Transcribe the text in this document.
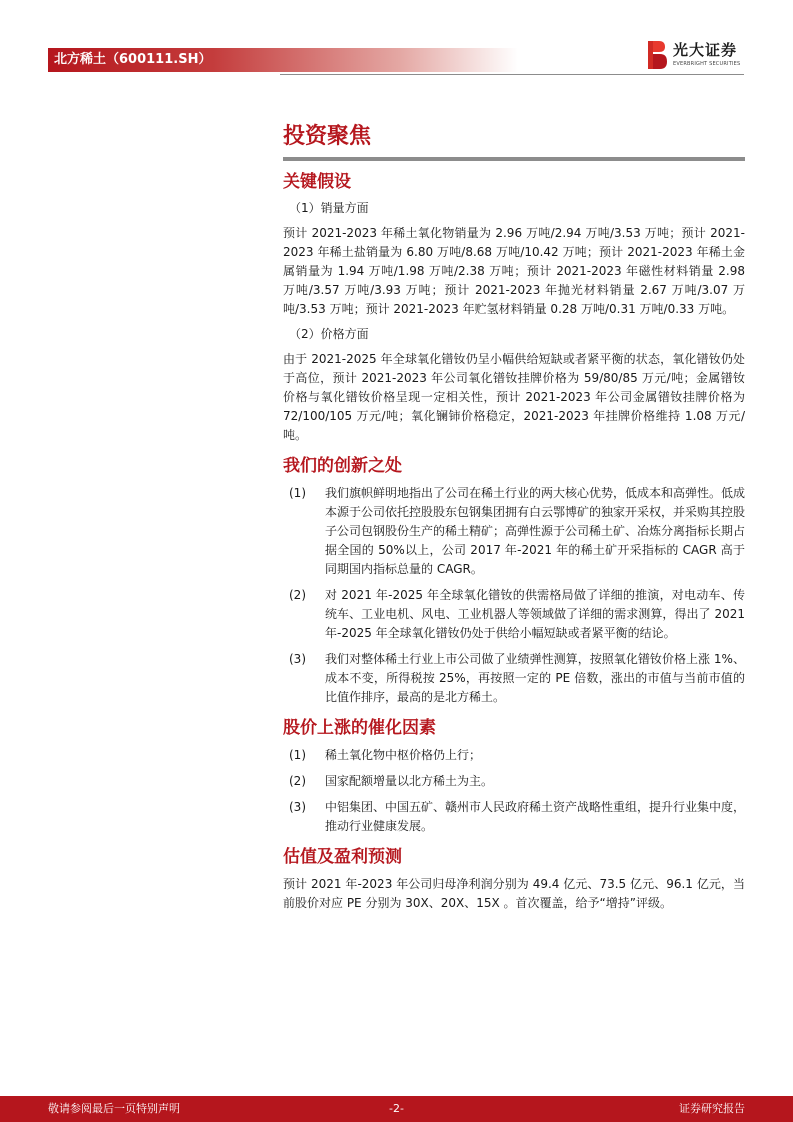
北方稀土（600111.SH）
光大证券
EVERBRIGHT SECURITIES
投资聚焦
关键假设
（1）销量方面
预计 2021-2023 年稀土氧化物销量为 2.96 万吨/2.94 万吨/3.53 万吨；预计 2021-2023 年稀土盐销量为 6.80 万吨/8.68 万吨/10.42 万吨；预计 2021-2023 年稀土金属销量为 1.94 万吨/1.98 万吨/2.38 万吨；预计 2021-2023 年磁性材料销量 2.98 万吨/3.57 万吨/3.93 万吨；预计 2021-2023 年抛光材料销量 2.67 万吨/3.07 万吨/3.53 万吨；预计 2021-2023 年贮氢材料销量 0.28 万吨/0.31 万吨/0.33 万吨。
（2）价格方面
由于 2021-2025 年全球氧化镨钕仍呈小幅供给短缺或者紧平衡的状态，氧化镨钕仍处于高位，预计 2021-2023 年公司氧化镨钕挂牌价格为 59/80/85 万元/吨；金属镨钕价格与氧化镨钕价格呈现一定相关性，预计 2021-2023 年公司金属镨钕挂牌价格为 72/100/105 万元/吨；氧化镧铈价格稳定，2021-2023 年挂牌价格维持 1.08 万元/吨。
我们的创新之处
(1) 我们旗帜鲜明地指出了公司在稀土行业的两大核心优势，低成本和高弹性。低成本源于公司依托控股股东包钢集团拥有白云鄂博矿的独家开采权，并采购其控股子公司包钢股份生产的稀土精矿；高弹性源于公司稀土矿、冶炼分离指标长期占据全国的 50%以上，公司 2017 年-2021 年的稀土矿开采指标的 CAGR 高于同期国内指标总量的 CAGR。
(2) 对 2021 年-2025 年全球氧化镨钕的供需格局做了详细的推演，对电动车、传统车、工业电机、风电、工业机器人等领域做了详细的需求测算，得出了 2021 年-2025 年全球氧化镨钕仍处于供给小幅短缺或者紧平衡的结论。
(3) 我们对整体稀土行业上市公司做了业绩弹性测算，按照氧化镨钕价格上涨 1%、成本不变，所得税按 25%，再按照一定的 PE 倍数，涨出的市值与当前市值的比值作排序，最高的是北方稀土。
股价上涨的催化因素
(1) 稀土氧化物中枢价格仍上行；
(2) 国家配额增量以北方稀土为主。
(3) 中铝集团、中国五矿、赣州市人民政府稀土资产战略性重组，提升行业集中度，推动行业健康发展。
估值及盈利预测
预计 2021 年-2023 年公司归母净利润分别为 49.4 亿元、73.5 亿元、96.1 亿元，当前股价对应 PE 分别为 30X、20X、15X 。首次覆盖，给予“增持”评级。
敬请参阅最后一页特别声明	-2-	证券研究报告
